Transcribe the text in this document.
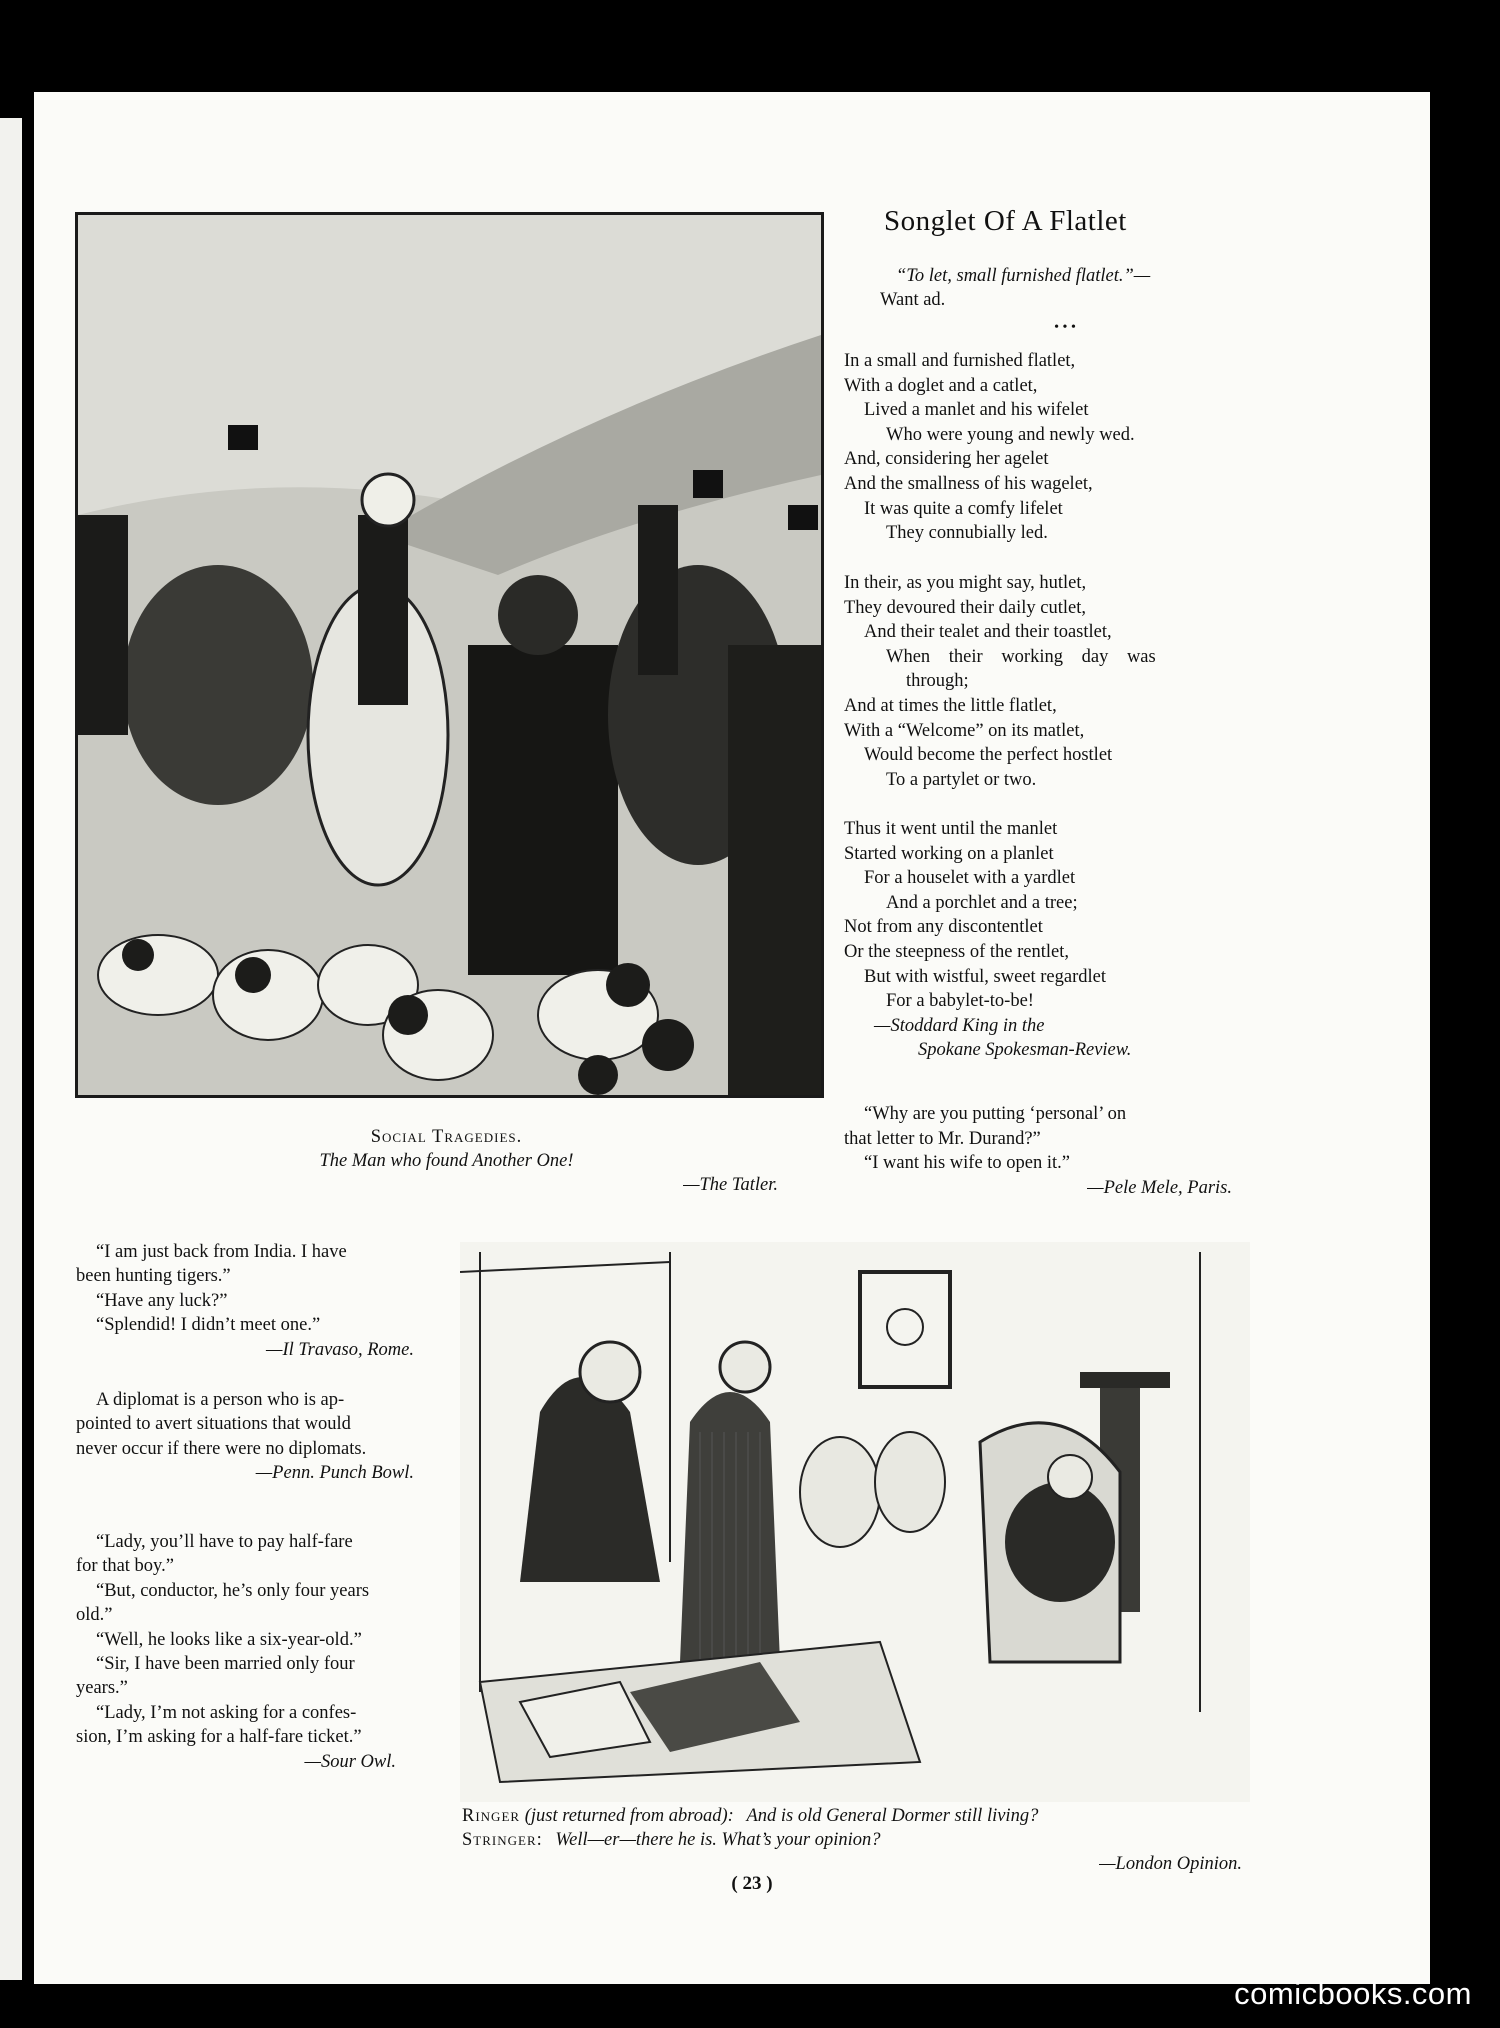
Social Tragedies.
The Man who found Another One!
—The Tatler.
Songlet Of A Flatlet
“To let, small furnished flatlet.”—
Want ad.
• • •
In a small and furnished flatlet,
With a doglet and a catlet,
Lived a manlet and his wifelet
Who were young and newly wed.
And, considering her agelet
And the smallness of his wagelet,
It was quite a comfy lifelet
They connubially led.
In their, as you might say, hutlet,
They devoured their daily cutlet,
And their tealet and their toastlet,
When their working day was
through;
And at times the little flatlet,
With a “Welcome” on its matlet,
Would become the perfect hostlet
To a partylet or two.
Thus it went until the manlet
Started working on a planlet
For a houselet with a yardlet
And a porchlet and a tree;
Not from any discontentlet
Or the steepness of the rentlet,
But with wistful, sweet regardlet
For a babylet-to-be!
—Stoddard King in the
Spokane Spokesman-Review.
“Why are you putting ‘personal’ on
that letter to Mr. Durand?”
“I want his wife to open it.”
—Pele Mele, Paris.
“I am just back from India. I have
been hunting tigers.”
“Have any luck?”
“Splendid! I didn’t meet one.”
—Il Travaso, Rome.
A diplomat is a person who is ap-
pointed to avert situations that would
never occur if there were no diplomats.
—Penn. Punch Bowl.
“Lady, you’ll have to pay half-fare
for that boy.”
“But, conductor, he’s only four years
old.”
“Well, he looks like a six-year-old.”
“Sir, I have been married only four
years.”
“Lady, I’m not asking for a confes-
sion, I’m asking for a half-fare ticket.”
—Sour Owl.
Ringer (just returned from abroad): And is old General Dormer still living?
Stringer: Well—er—there he is. What’s your opinion?
—London Opinion.
( 23 )
comicbooks.com
